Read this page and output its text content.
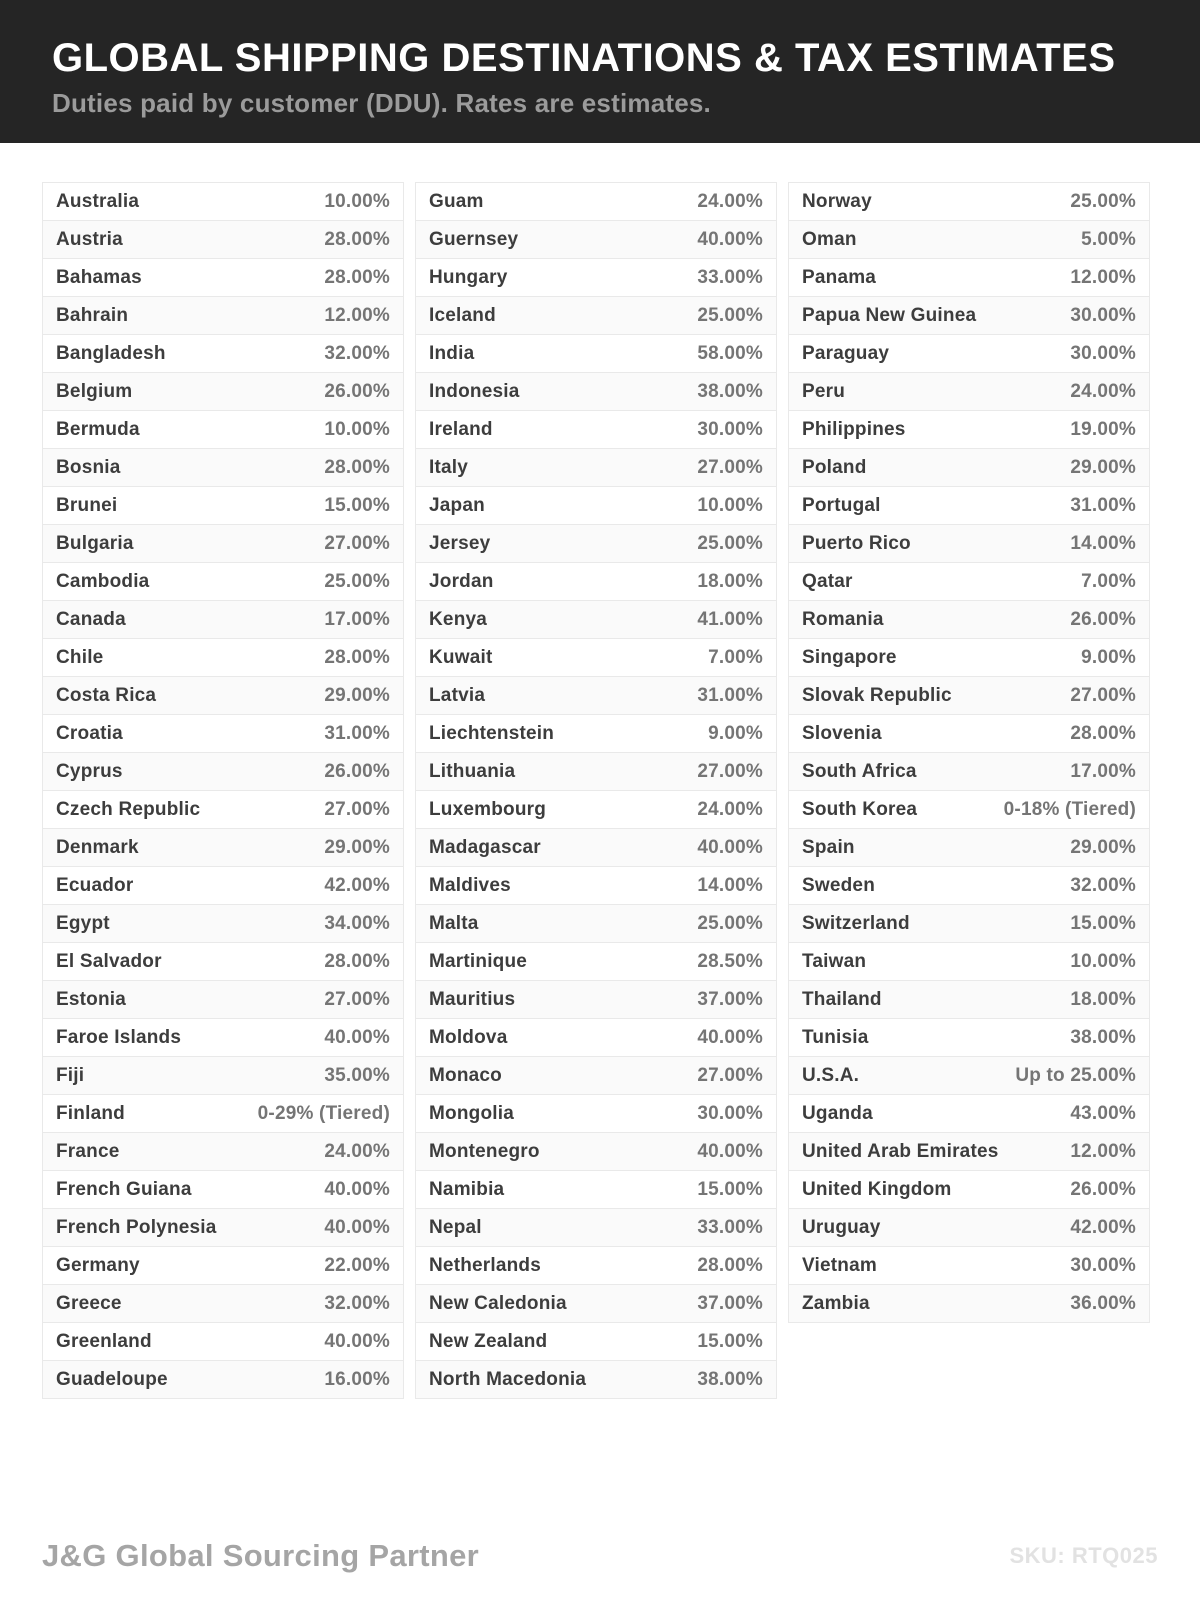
GLOBAL SHIPPING DESTINATIONS & TAX ESTIMATES
Duties paid by customer (DDU). Rates are estimates.
Australia	10.00%
Austria	28.00%
Bahamas	28.00%
Bahrain	12.00%
Bangladesh	32.00%
Belgium	26.00%
Bermuda	10.00%
Bosnia	28.00%
Brunei	15.00%
Bulgaria	27.00%
Cambodia	25.00%
Canada	17.00%
Chile	28.00%
Costa Rica	29.00%
Croatia	31.00%
Cyprus	26.00%
Czech Republic	27.00%
Denmark	29.00%
Ecuador	42.00%
Egypt	34.00%
El Salvador	28.00%
Estonia	27.00%
Faroe Islands	40.00%
Fiji	35.00%
Finland	0-29% (Tiered)
France	24.00%
French Guiana	40.00%
French Polynesia	40.00%
Germany	22.00%
Greece	32.00%
Greenland	40.00%
Guadeloupe	16.00%
Guam	24.00%
Guernsey	40.00%
Hungary	33.00%
Iceland	25.00%
India	58.00%
Indonesia	38.00%
Ireland	30.00%
Italy	27.00%
Japan	10.00%
Jersey	25.00%
Jordan	18.00%
Kenya	41.00%
Kuwait	7.00%
Latvia	31.00%
Liechtenstein	9.00%
Lithuania	27.00%
Luxembourg	24.00%
Madagascar	40.00%
Maldives	14.00%
Malta	25.00%
Martinique	28.50%
Mauritius	37.00%
Moldova	40.00%
Monaco	27.00%
Mongolia	30.00%
Montenegro	40.00%
Namibia	15.00%
Nepal	33.00%
Netherlands	28.00%
New Caledonia	37.00%
New Zealand	15.00%
North Macedonia	38.00%
Norway	25.00%
Oman	5.00%
Panama	12.00%
Papua New Guinea	30.00%
Paraguay	30.00%
Peru	24.00%
Philippines	19.00%
Poland	29.00%
Portugal	31.00%
Puerto Rico	14.00%
Qatar	7.00%
Romania	26.00%
Singapore	9.00%
Slovak Republic	27.00%
Slovenia	28.00%
South Africa	17.00%
South Korea	0-18% (Tiered)
Spain	29.00%
Sweden	32.00%
Switzerland	15.00%
Taiwan	10.00%
Thailand	18.00%
Tunisia	38.00%
U.S.A.	Up to 25.00%
Uganda	43.00%
United Arab Emirates	12.00%
United Kingdom	26.00%
Uruguay	42.00%
Vietnam	30.00%
Zambia	36.00%
J&G Global Sourcing Partner	SKU: RTQ025
